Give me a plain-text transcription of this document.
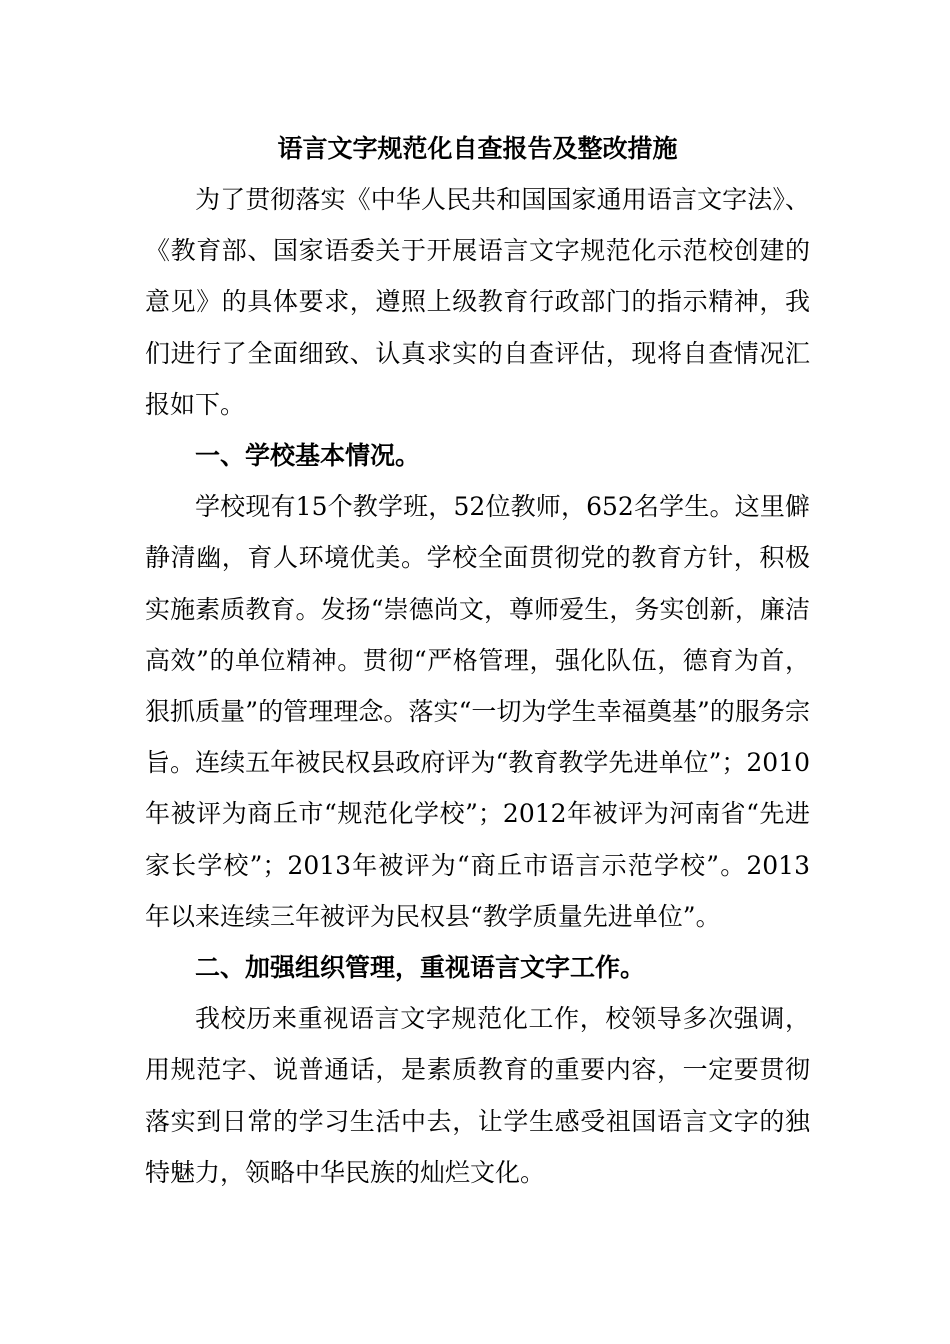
语言文字规范化自查报告及整改措施

为了贯彻落实《中华人民共和国国家通用语言文字法》、《教育部、国家语委关于开展语言文字规范化示范校创建的意见》的具体要求，遵照上级教育行政部门的指示精神，我们进行了全面细致、认真求实的自查评估，现将自查情况汇报如下。

一、学校基本情况。

学校现有15个教学班，52位教师，652名学生。这里僻静清幽，育人环境优美。学校全面贯彻党的教育方针，积极实施素质教育。发扬“崇德尚文，尊师爱生，务实创新，廉洁高效”的单位精神。贯彻“严格管理，强化队伍，德育为首，狠抓质量”的管理理念。落实“一切为学生幸福奠基”的服务宗旨。连续五年被民权县政府评为“教育教学先进单位”；2010年被评为商丘市“规范化学校”；2012年被评为河南省“先进家长学校”；2013年被评为“商丘市语言示范学校”。2013年以来连续三年被评为民权县“教学质量先进单位”。

二、加强组织管理，重视语言文字工作。

我校历来重视语言文字规范化工作，校领导多次强调，用规范字、说普通话，是素质教育的重要内容，一定要贯彻落实到日常的学习生活中去，让学生感受祖国语言文字的独特魅力，领略中华民族的灿烂文化。
